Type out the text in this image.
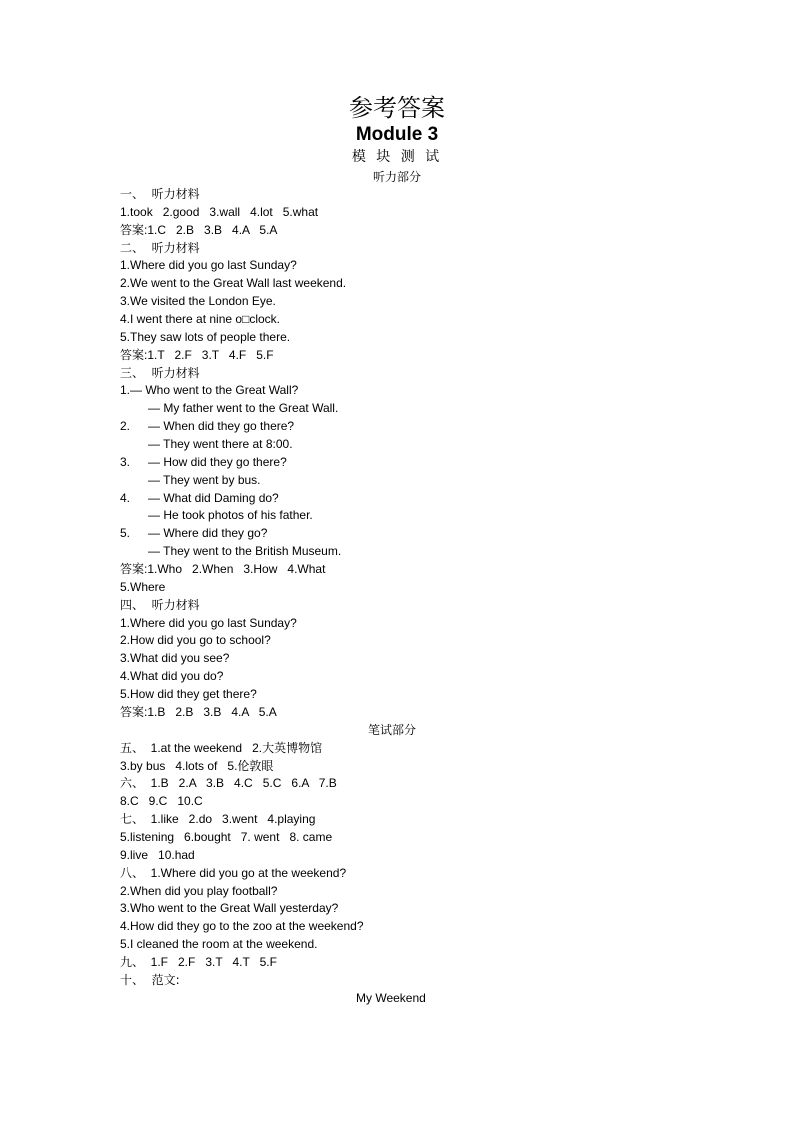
参考答案
Module 3
模 块 测 试
听力部分
一、  听力材料
1.took   2.good   3.wall   4.lot   5.what
答案:1.C   2.B   3.B   4.A   5.A
二、  听力材料
1.Where did you go last Sunday?
2.We went to the Great Wall last weekend.
3.We visited the London Eye.
4.I went there at nine o□clock.
5.They saw lots of people there.
答案:1.T   2.F   3.T   4.F   5.F
三、  听力材料
1.— Who went to the Great Wall?
— My father went to the Great Wall.
2. — When did they go there?
— They went there at 8:00.
3. — How did they go there?
— They went by bus.
4. — What did Daming do?
— He took photos of his father.
5. — Where did they go?
— They went to the British Museum.
答案:1.Who   2.When   3.How   4.What
5.Where
四、  听力材料
1.Where did you go last Sunday?
2.How did you go to school?
3.What did you see?
4.What did you do?
5.How did they get there?
答案:1.B   2.B   3.B   4.A   5.A
笔试部分
五、  1.at the weekend   2.大英博物馆
3.by bus   4.lots of   5.伦敦眼
六、  1.B   2.A   3.B   4.C   5.C   6.A   7.B
8.C   9.C   10.C
七、  1.like   2.do   3.went   4.playing
5.listening   6.bought   7. went   8. came
9.live   10.had
八、  1.Where did you go at the weekend?
2.When did you play football?
3.Who went to the Great Wall yesterday?
4.How did they go to the zoo at the weekend?
5.I cleaned the room at the weekend.
九、  1.F   2.F   3.T   4.T   5.F
十、  范文:
My Weekend
